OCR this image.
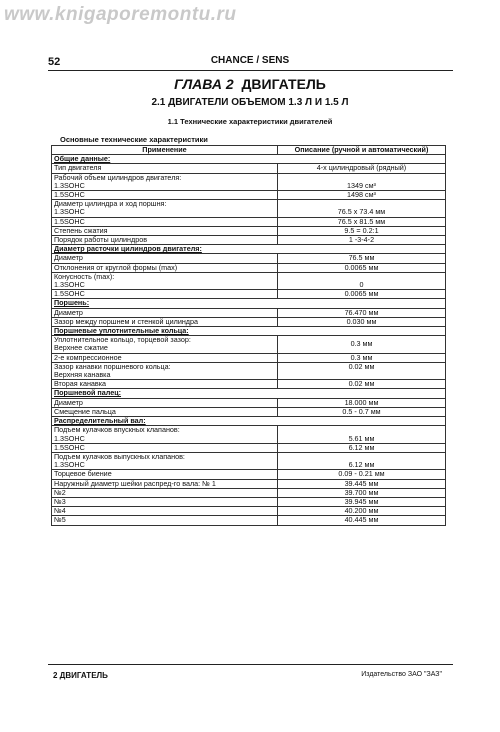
www.knigaporemontu.ru
52	CHANCE / SENS
ГЛАВА 2 ДВИГАТЕЛЬ
2.1 ДВИГАТЕЛИ ОБЪЕМОМ 1.3 Л И 1.5 Л
1.1 Технические характеристики двигателей
Основные технические характеристики
Применение	Описание (ручной и автоматический)

Общие данные:	

Тип двигателя	4-х цилиндровый (рядный)

Рабочий объем цилиндров двигателя:
1.3SOHC	1349 см³

1.5SOHC	1498 см³

Диаметр цилиндра и ход поршня:
1.3SOHC	76.5 х 73.4 мм

1.5SOHC	76.5 х 81.5 мм

Степень сжатия	9.5 = 0.2:1

Порядок работы цилиндров	1 -3-4-2

Диаметр расточки цилиндров двигателя:	

Диаметр	76.5 мм

Отклонения от круглой формы (max)	0.0065 мм

Конусность (max):
1.3SOHC	0

1.5SOHC	0.0065 мм

Поршень:	

Диаметр	76.470 мм

Зазор между поршнем и стенкой цилиндра	0.030 мм

Поршневые уплотнительные кольца:	

Уплотнительное кольцо, торцевой зазор:
Верхнее сжатие	0.3 мм

2-е компрессионное	0.3 мм

Зазор канавки поршневого кольца:
Верхняя канавка	0.02 мм

Вторая канавка	0.02 мм

Поршневой палец:	

Диаметр	18.000 мм

Смещение пальца	0.5 - 0.7 мм

Распределительный вал:	

Подъем кулачков впускных клапанов:
1.3SOHC	5.61 мм

1.5SOHC	6.12 мм

Подъем кулачков выпускных клапанов:
1.3SOHC	6.12 мм

Торцевое биение	0.09 - 0.21 мм

Наружный диаметр шейки распред-го вала: № 1	39.445 мм

№2	39.700 мм

№3	39.945 мм

№4	40.200 мм

№5	40.445 мм
2 ДВИГАТЕЛЬ	Издательство ЗАО "ЗАЗ"
